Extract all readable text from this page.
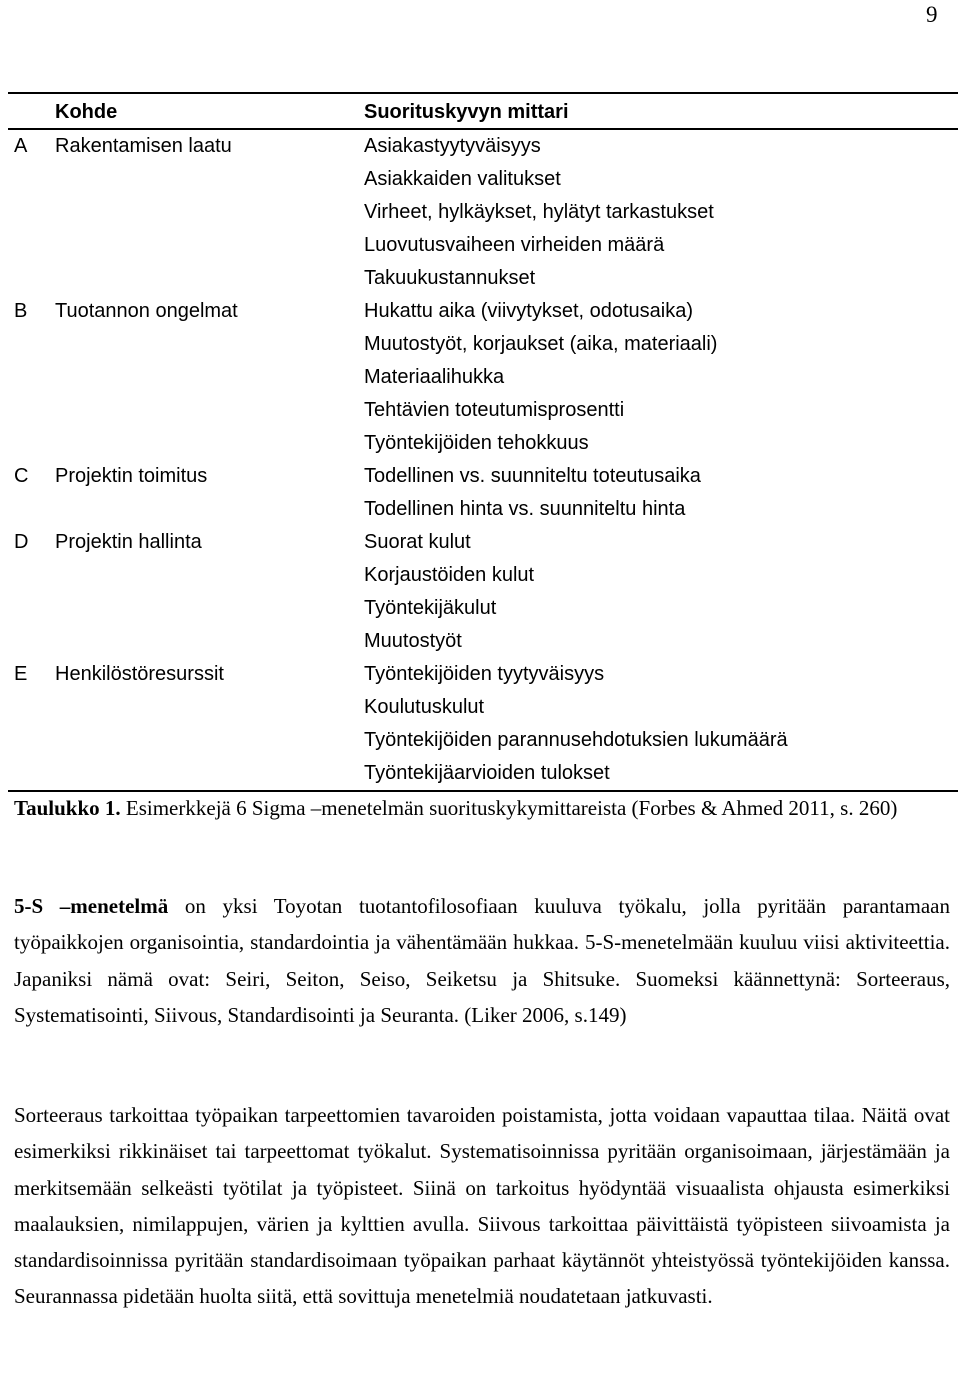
9
Kohde	Suorituskyvyn mittari
A Rakentamisen laatu	Asiakastyytyväisyys
Asiakkaiden valitukset
Virheet, hylkäykset, hylätyt tarkastukset
Luovutusvaiheen virheiden määrä
Takuukustannukset
B Tuotannon ongelmat	Hukattu aika (viivytykset, odotusaika)
Muutostyöt, korjaukset (aika, materiaali)
Materiaalihukka
Tehtävien toteutumisprosentti
Työntekijöiden tehokkuus
C Projektin toimitus	Todellinen vs. suunniteltu toteutusaika
Todellinen hinta vs. suunniteltu hinta
D Projektin hallinta	Suorat kulut
Korjaustöiden kulut
Työntekijäkulut
Muutostyöt
E Henkilöstöresurssit	Työntekijöiden tyytyväisyys
Koulutuskulut
Työntekijöiden parannusehdotuksien lukumäärä
Työntekijäarvioiden tulokset

Taulukko 1. Esimerkkejä 6 Sigma –menetelmän suorituskykymittareista (Forbes & Ahmed 2011, s. 260)

5-S –menetelmä on yksi Toyotan tuotantofilosofiaan kuuluva työkalu, jolla pyritään parantamaan työpaikkojen organisointia, standardointia ja vähentämään hukkaa. 5-S-menetelmään kuuluu viisi aktiviteettia. Japaniksi nämä ovat: Seiri, Seiton, Seiso, Seiketsu ja Shitsuke. Suomeksi käännettynä: Sorteeraus, Systematisointi, Siivous, Standardisointi ja Seuranta. (Liker 2006, s.149)

Sorteeraus tarkoittaa työpaikan tarpeettomien tavaroiden poistamista, jotta voidaan vapauttaa tilaa. Näitä ovat esimerkiksi rikkinäiset tai tarpeettomat työkalut. Systematisoinnissa pyritään organisoimaan, järjestämään ja merkitsemään selkeästi työtilat ja työpisteet. Siinä on tarkoitus hyödyntää visuaalista ohjausta esimerkiksi maalauksien, nimilappujen, värien ja kylttien avulla. Siivous tarkoittaa päivittäistä työpisteen siivoamista ja standardisoinnissa pyritään standardisoimaan työpaikan parhaat käytännöt yhteistyössä työntekijöiden kanssa. Seurannassa pidetään huolta siitä, että sovittuja menetelmiä noudatetaan jatkuvasti.
